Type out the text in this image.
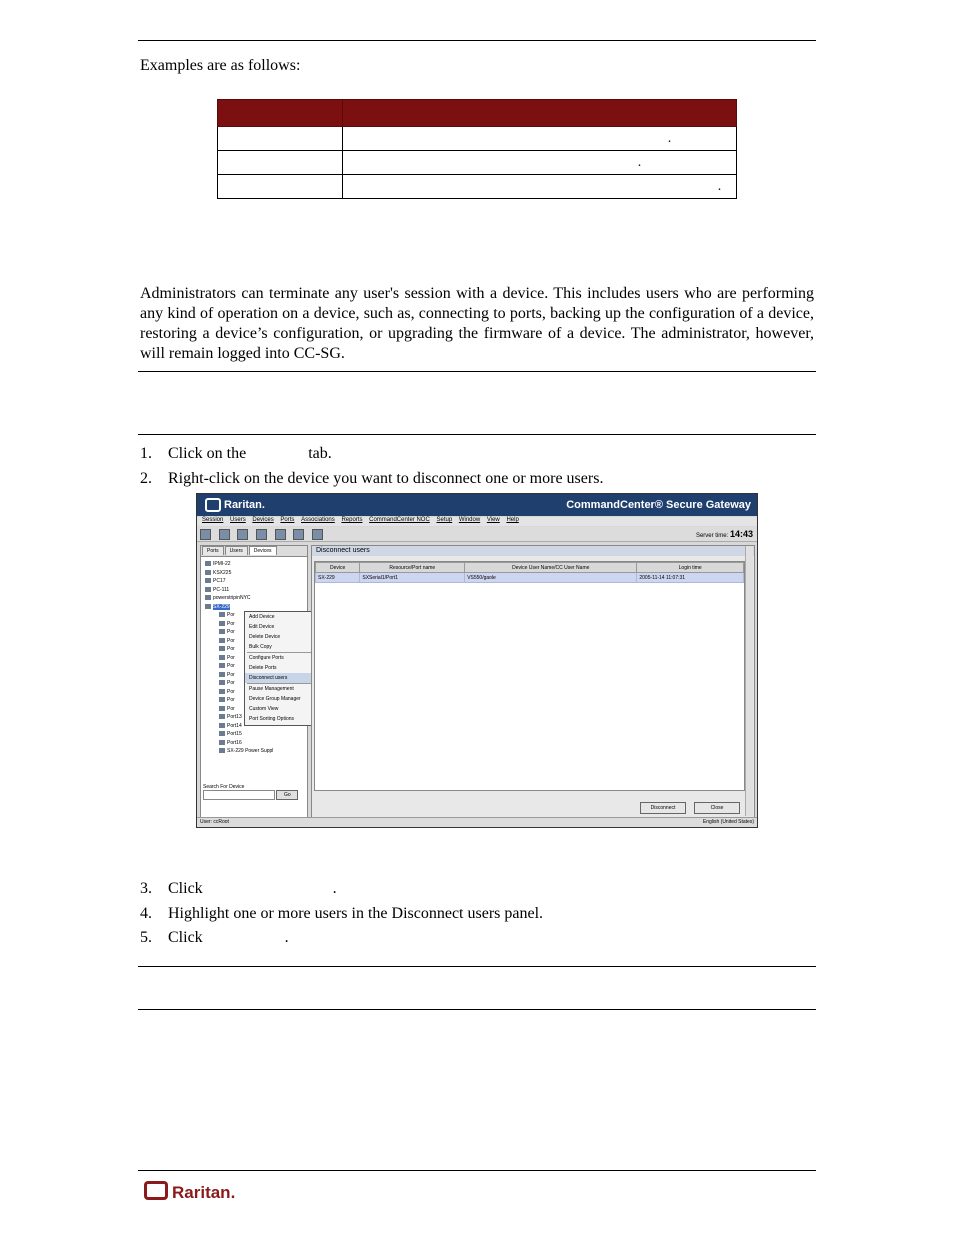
Examples are as follows:

	.
	.
	.
Administrators can terminate any user's session with a device. This includes users who are performing any kind of operation on a device, such as, connecting to ports, backing up the configuration of a device, restoring a device’s configuration, or upgrading the firmware of a device. The administrator, however, will remain logged into CC-SG.
1. Click on the	tab.
2. Right-click on the device you want to disconnect one or more users.
Raritan.	CommandCenter® Secure Gateway
Session Users Devices Ports Associations Reports CommandCenter NOC Setup Window View Help

Server time: 14:43
Ports Users Devices
IPMI-22
KSX225
PC17
PC-111
powerstripinNYC
SX-229
Por
Por
Por
Por
Por
Por
Por
Por
Por
Por
Por
Por
Port13
Port14
Port15
Port16
SX-229 Power Suppl
Search For Device
Go
Add Device
Edit Device
Delete Device
Bulk Copy
Configure Ports
Delete Ports
Disconnect users
Pause Management
Device Group Manager
Custom View
Port Sorting Options
Disconnect users
Device	Resource/Port name	Device User Name/CC User Name	Login time
SX-229	SXSerial1/Port1	VS550/gaole	2005-11-14 11:07:31
Disconnect	Close
User: ccRoot	English (United States)
3. Click	.
4. Highlight one or more users in the Disconnect users panel.
5. Click	.
Raritan.
